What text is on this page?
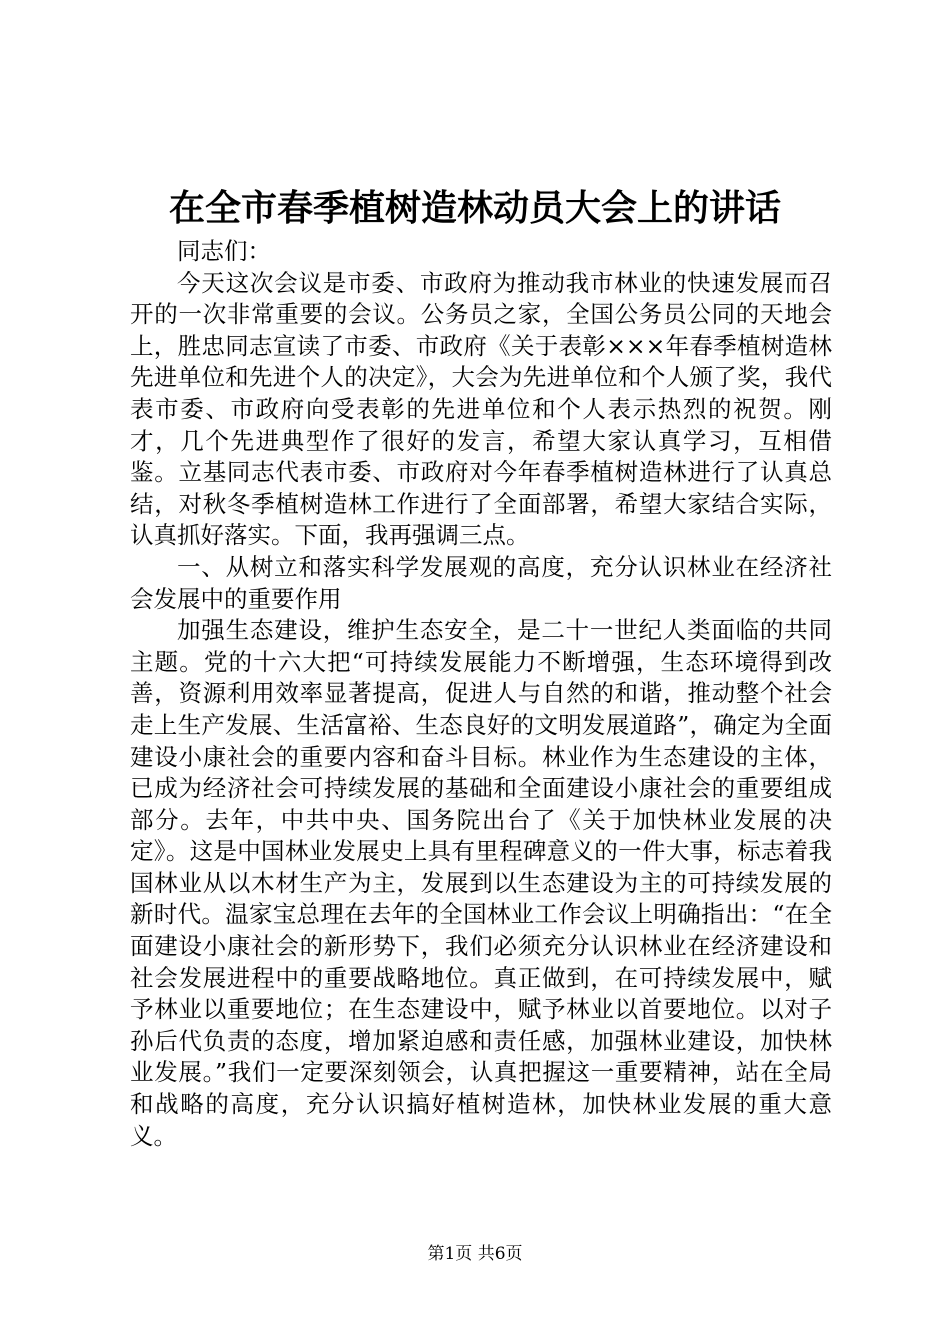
在全市春季植树造林动员大会上的讲话

同志们：

今天这次会议是市委、市政府为推动我市林业的快速发展而召开的一次非常重要的会议。公务员之家，全国公务员公同的天地会上，胜忠同志宣读了市委、市政府《关于表彰×××年春季植树造林先进单位和先进个人的决定》，大会为先进单位和个人颁了奖，我代表市委、市政府向受表彰的先进单位和个人表示热烈的祝贺。刚才，几个先进典型作了很好的发言，希望大家认真学习，互相借鉴。立基同志代表市委、市政府对今年春季植树造林进行了认真总结，对秋冬季植树造林工作进行了全面部署，希望大家结合实际，认真抓好落实。下面，我再强调三点。

一、从树立和落实科学发展观的高度，充分认识林业在经济社会发展中的重要作用

加强生态建设，维护生态安全，是二十一世纪人类面临的共同主题。党的十六大把“可持续发展能力不断增强，生态环境得到改善，资源利用效率显著提高，促进人与自然的和谐，推动整个社会走上生产发展、生活富裕、生态良好的文明发展道路”，确定为全面建设小康社会的重要内容和奋斗目标。林业作为生态建设的主体，已成为经济社会可持续发展的基础和全面建设小康社会的重要组成部分。去年，中共中央、国务院出台了《关于加快林业发展的决定》。这是中国林业发展史上具有里程碑意义的一件大事，标志着我国林业从以木材生产为主，发展到以生态建设为主的可持续发展的新时代。温家宝总理在去年的全国林业工作会议上明确指出：“在全面建设小康社会的新形势下，我们必须充分认识林业在经济建设和社会发展进程中的重要战略地位。真正做到，在可持续发展中，赋予林业以重要地位；在生态建设中，赋予林业以首要地位。以对子孙后代负责的态度，增加紧迫感和责任感，加强林业建设，加快林业发展。”我们一定要深刻领会，认真把握这一重要精神，站在全局和战略的高度，充分认识搞好植树造林，加快林业发展的重大意义。

第1页 共6页
